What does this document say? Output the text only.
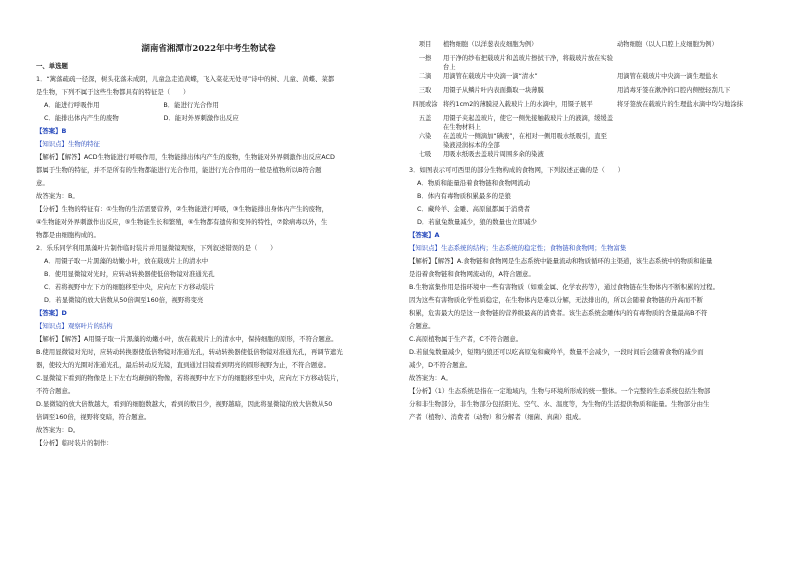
湖南省湘潭市2022年中考生物试卷
一、单选题
1．“篱落疏疏一径深，树头花落未成阴，儿童急走追黄蝶，飞入菜花无处寻”诗中的树、儿童、黄蝶、菜都
是生物，下列不属于这些生物都具有的特征是（　　）
A．能进行呼吸作用　　　　　　　　　　B．能进行光合作用
C．能排出体内产生的废物　　　　　　　D．能对外界刺激作出反应
【答案】B
【知识点】生物的特征
【解析】【解答】ACD生物能进行呼吸作用，生物能排出体内产生的废物，生物能对外界刺激作出反应ACD
都属于生物的特征，并不是所有的生物都能进行光合作用，能进行光合作用的一般是植物所以B符合题
意。
故答案为：B。
【分析】生物的特征有：①生物的生活需要营养，②生物能进行呼吸，③生物能排出身体内产生的废物，
④生物能对外界刺激作出反应，⑤生物能生长和繁殖，⑥生物都有遗传和变异的特性，⑦除病毒以外，生
物都是由细胞构成的。
2．乐乐同学利用黑藻叶片制作临时装片并用显微镜观察，下列叙述错误的是（　　）
A．用镊子取一片黑藻的幼嫩小叶，放在载玻片上的清水中
B．使用显微镜对光时，应转动转换器使低倍物镜对准通光孔
C．若将视野中左下方的细胞移至中央，应向左下方移动装片
D．若显微镜的放大倍数从50倍调至160倍，视野将变亮
【答案】D
【知识点】观察叶片的结构
【解析】【解答】A用镊子取一片黑藻的幼嫩小叶，放在载玻片上的清水中，保持细胞的原形，不符合题意。
B.使用显微镜对光时，应转动转换器使低倍物镜对准通光孔，转动转换器使低倍物镜对准通光孔，再调节遮光
器，使较大的光圈对准通光孔，最后转动反光镜，直到通过目镜看到明亮的圆形视野为止，不符合题意。
C.显微镜下看到的物像是上下左右均颠倒的物像，若将视野中左下方的细胞移至中央，应向左下方移动装片，
不符合题意。
D.显微镜的放大倍数越大，看到的细胞数越大，看到的数目少，视野越暗，因此将显微镜的放大倍数从50
倍调至160倍，视野将变暗，符合题意。
故答案为：D。
【分析】临时装片的制作：
项目	植物细胞（以洋葱表皮细胞为例）	动物细胞（以人口腔上皮细胞为例）
一擦	用干净的纱布把载玻片和盖玻片擦拭干净，将载玻片放在实验台上	
二滴	用滴管在载玻片中央滴一滴“清水”	用滴管在载玻片中央滴一滴生理盐水
三取	用镊子从鳞片叶内表面撕取一块薄膜	用消毒牙签在漱净的口腔内侧壁轻刮几下
四展或涂	将约1cm2的薄膜浸入载玻片上的水滴中，用镊子展平	将牙签放在载玻片的生理盐水滴中均匀地涂抹
五盖	用镊子夹起盖玻片，使它一侧先接触载玻片上的液滴，缓缓盖在生物材料上	
六染	在盖玻片一侧滴加“碘液”，在相对一侧用吸水纸吸引，直至染液浸润标本的全部	
七吸	用吸水纸吸去盖玻片周围多余的染液	
3．如图表示可可西里的部分生物构成的食物网，下列叙述正确的是（　　）
A．物质和能量沿着食物链和食物网流动
B．体内有毒物质积累最多的是狼
C．藏羚羊、金雕、高原鼠都属于消费者
D．若鼠兔数量减少，狼的数量也立即减少
【答案】A
【知识点】生态系统的结构；生态系统的稳定性；食物链和食物网；生物富集
【解析】【解答】A.食物链和食物网是生态系统中能量流动和物质循环的主渠道，该生态系统中的物质和能量
是沿着食物链和食物网流动的，A符合题意。
B.生物富集作用是指环境中一些有害物质（如重金属、化学农药等），通过食物链在生物体内不断积累的过程。
因为这些有害物质化学性质稳定，在生物体内是难以分解，无法排出的，所以会随着食物链的升高而不断
积累，危害最大的是这一食物链的营养级最高的消费者。该生态系统金雕体内的有毒物质的含量最高B不符
合题意。
C.高原植物属于生产者，C不符合题意。
D.若鼠兔数量减少，短期内狼还可以吃高原兔和藏羚羊，数量不会减少，一段时间后会随着食物的减少而
减少，D不符合题意。
故答案为：A。
【分析】（1）生态系统是指在一定地域内，生物与环境所形成的统一整体。一个完整的生态系统包括生物部
分和非生物部分，非生物部分包括阳光、空气、水、温度等，为生物的生活提供物质和能量。生物部分由生
产者（植物）、消费者（动物）和分解者（细菌、真菌）组成。
